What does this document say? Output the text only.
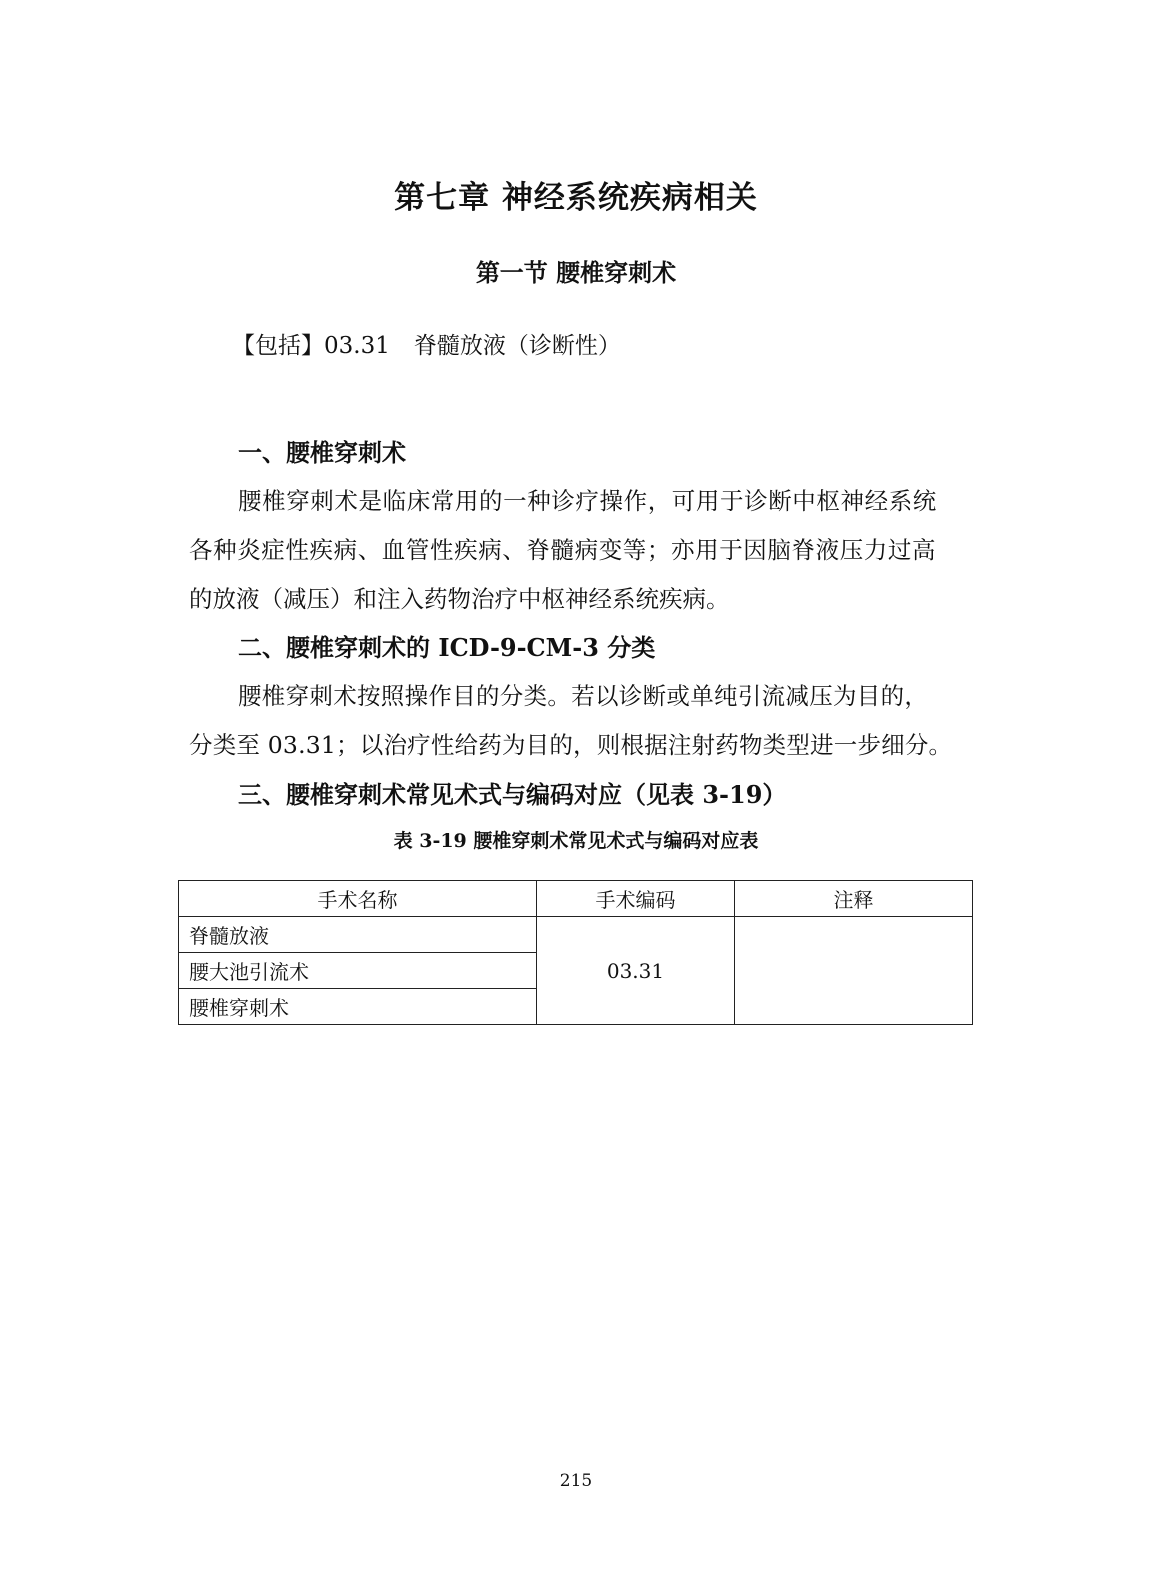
第七章 神经系统疾病相关
第一节 腰椎穿刺术
【包括】03.31 脊髓放液（诊断性）
一、腰椎穿刺术
腰椎穿刺术是临床常用的一种诊疗操作，可用于诊断中枢神经系统
各种炎症性疾病、血管性疾病、脊髓病变等；亦用于因脑脊液压力过高
的放液（减压）和注入药物治疗中枢神经系统疾病。
二、腰椎穿刺术的 ICD-9-CM-3 分类
腰椎穿刺术按照操作目的分类。若以诊断或单纯引流减压为目的，
分类至 03.31；以治疗性给药为目的，则根据注射药物类型进一步细分。
三、腰椎穿刺术常见术式与编码对应（见表 3-19）
表 3-19 腰椎穿刺术常见术式与编码对应表
手术名称	手术编码	注释
脊髓放液	03.31	
腰大池引流术		
腰椎穿刺术		
215
